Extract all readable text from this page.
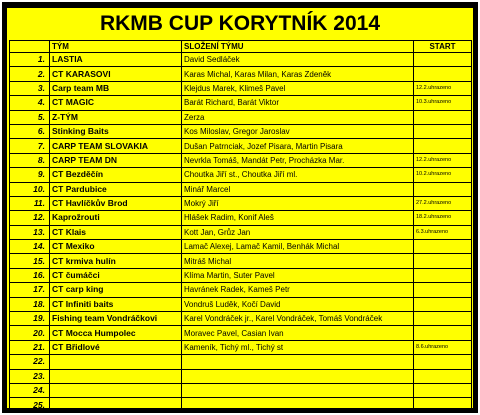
RKMB CUP KORYTNÍK 2014
	TÝM	SLOŽENÍ TÝMU	START
1.	LASTIA	David Sedláček	
2.	CT KARASOVI	Karas Michal, Karas Milan, Karas Zdeněk	
3.	Carp team MB	Klejdus Marek, Klimeš Pavel	12.2.uhrazeno
4.	CT MAGIC	Barát Richard, Barát Viktor	10.3.uhrazeno
5.	Z-TÝM	Zerza	
6.	Stinking Baits	Kos Miloslav, Gregor Jaroslav	
7.	CARP TEAM SLOVAKIA	Dušan Patrnciak, Jozef Pisara, Martin Pisara	
8.	CARP TEAM DN	Nevrkla Tomáš, Mandát Petr, Procházka Mar.	12.2.uhrazeno
9.	CT Bezděčín	Choutka Jiří st., Choutka Jiří ml.	10.2.uhrazeno
10.	CT Pardubice	Minář Marcel	
11.	CT Havlíčkův Brod	Mokrý Jiří	27.2.uhrazeno
12.	Kaprožrouti	Hlášek Radim, Konif Aleš	18.2.uhrazeno
13.	CT Klais	Kott Jan, Grůz Jan	6.3.uhrazeno
14.	CT Mexiko	Lamač Alexej, Lamač Kamil, Benhák Michal	
15.	CT krmiva hulín	Mitráš Michal	
16.	CT čumáčci	Klíma Martin, Suter Pavel	
17.	CT carp king	Havránek Radek, Kameš Petr	
18.	CT Infiniti baits	Vondruš Luděk, Kočí David	
19.	Fishing team Vondráčkovi	Karel Vondráček jr., Karel Vondráček, Tomáš Vondráček	
20.	CT Mocca Humpolec	Moravec Pavel, Casian Ivan	
21.	CT Břidlové	Kameník, Tichý ml., Tichý st	8.6.uhrazeno
22.			
23.			
24.			
25.			
